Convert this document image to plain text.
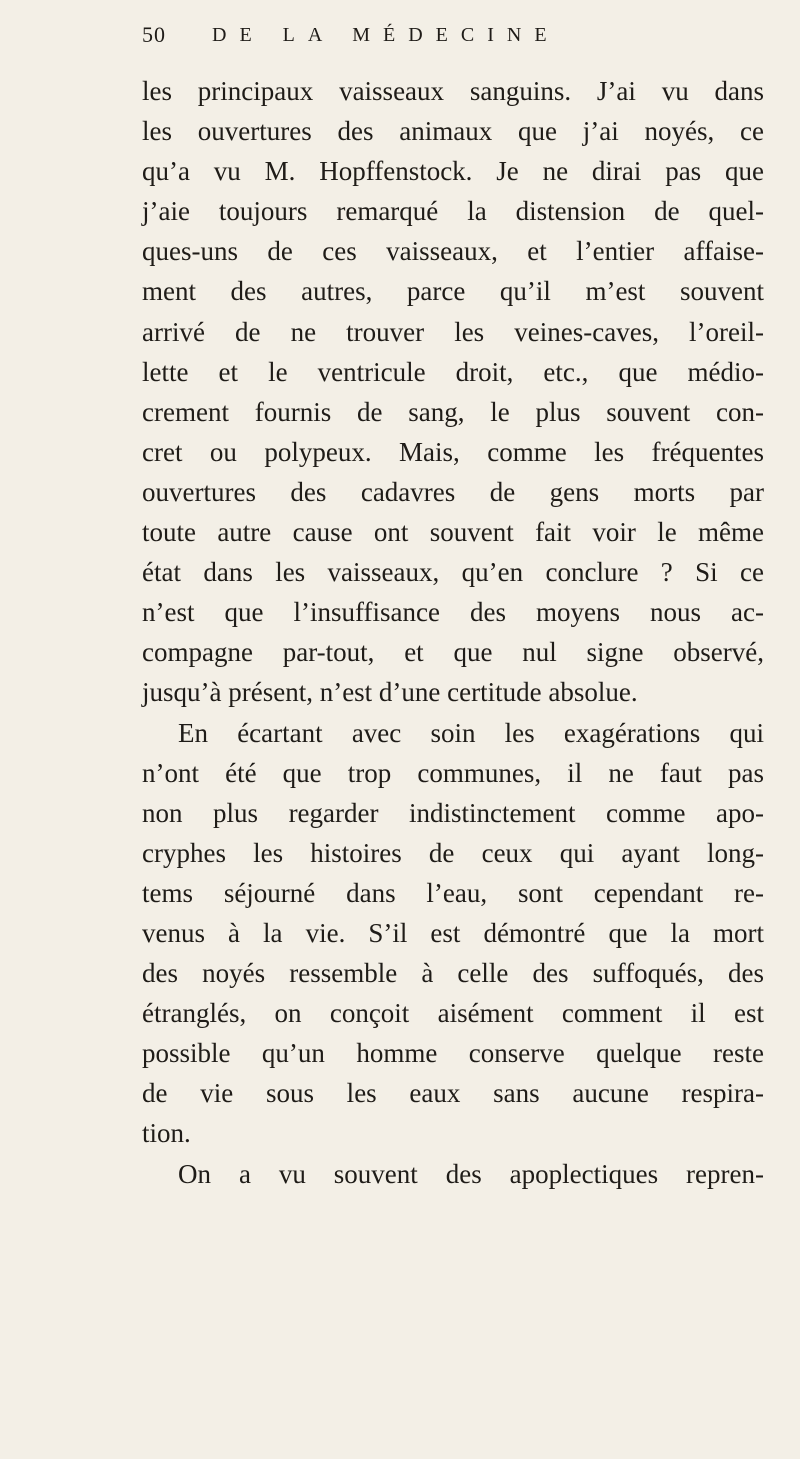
50 DE LA MÉDECINE
les principaux vaisseaux sanguins. J’ai vu dans
les ouvertures des animaux que j’ai noyés, ce
qu’a vu M. Hopffenstock. Je ne dirai pas que
j’aie toujours remarqué la distension de quel-
ques-uns de ces vaisseaux, et l’entier affaise-
ment des autres, parce qu’il m’est souvent
arrivé de ne trouver les veines-caves, l’oreil-
lette et le ventricule droit, etc., que médio-
crement fournis de sang, le plus souvent con-
cret ou polypeux. Mais, comme les fréquentes
ouvertures des cadavres de gens morts par
toute autre cause ont souvent fait voir le même
état dans les vaisseaux, qu’en conclure ? Si ce
n’est que l’insuffisance des moyens nous ac-
compagne par-tout, et que nul signe observé,
jusqu’à présent, n’est d’une certitude absolue.
En écartant avec soin les exagérations qui
n’ont été que trop communes, il ne faut pas
non plus regarder indistinctement comme apo-
cryphes les histoires de ceux qui ayant long-
tems séjourné dans l’eau, sont cependant re-
venus à la vie. S’il est démontré que la mort
des noyés ressemble à celle des suffoqués, des
étranglés, on conçoit aisément comment il est
possible qu’un homme conserve quelque reste
de vie sous les eaux sans aucune respira-
tion.
On a vu souvent des apoplectiques repren-
